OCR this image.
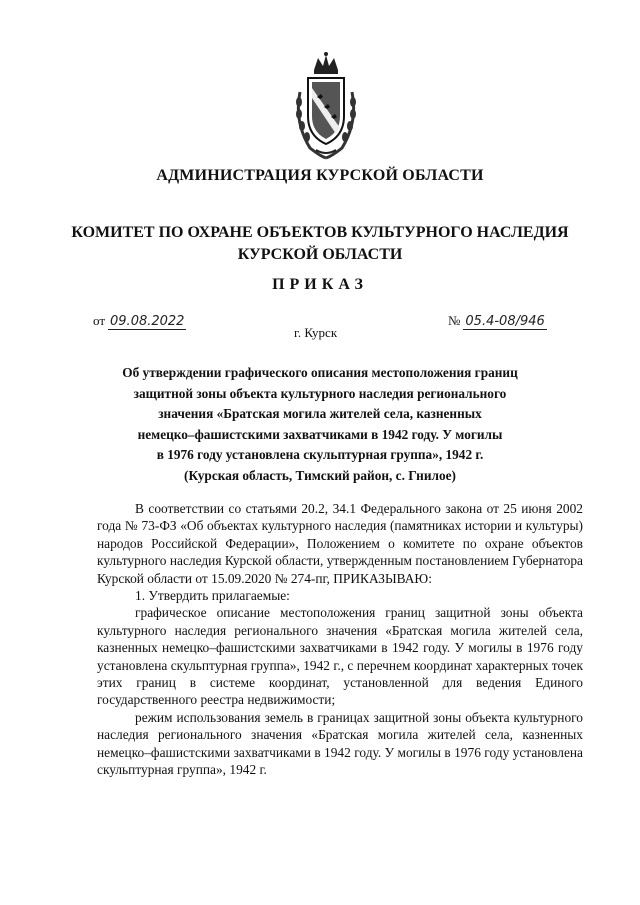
АДМИНИСТРАЦИЯ КУРСКОЙ ОБЛАСТИ
КОМИТЕТ ПО ОХРАНЕ ОБЪЕКТОВ КУЛЬТУРНОГО НАСЛЕДИЯ
КУРСКОЙ ОБЛАСТИ
ПРИКАЗ
от 09.08.2022	№ 05.4-08/946
г. Курск
Об утверждении графического описания местоположения границ
защитной зоны объекта культурного наследия регионального
значения «Братская могила жителей села, казненных
немецко–фашистскими захватчиками в 1942 году. У могилы
в 1976 году установлена скульптурная группа», 1942 г.
(Курская область, Тимский район, с. Гнилое)

В соответствии со статьями 20.2, 34.1 Федерального закона от 25 июня 2002 года № 73-ФЗ «Об объектах культурного наследия (памятниках истории и культуры) народов Российской Федерации», Положением о комитете по охране объектов культурного наследия Курской области, утвержденным постановлением Губернатора Курской области от 15.09.2020 № 274-пг, ПРИКАЗЫВАЮ:

1. Утвердить прилагаемые:

графическое описание местоположения границ защитной зоны объекта культурного наследия регионального значения «Братская могила жителей села, казненных немецко–фашистскими захватчиками в 1942 году. У могилы в 1976 году установлена скульптурная группа», 1942 г., с перечнем координат характерных точек этих границ в системе координат, установленной для ведения Единого государственного реестра недвижимости;

режим использования земель в границах защитной зоны объекта культурного наследия регионального значения «Братская могила жителей села, казненных немецко–фашистскими захватчиками в 1942 году. У могилы в 1976 году установлена скульптурная группа», 1942 г.
